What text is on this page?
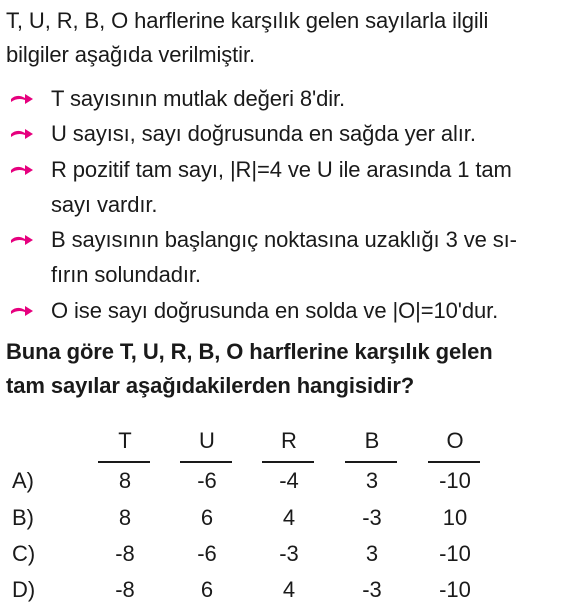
T, U, R, B, O harflerine karşılık gelen sayılarla ilgili
bilgiler aşağıda verilmiştir.
T sayısının mutlak değeri 8'dir.
U sayısı, sayı doğrusunda en sağda yer alır.
R pozitif tam sayı, |R|=4 ve U ile arasında 1 tam
sayı vardır.
B sayısının başlangıç noktasına uzaklığı 3 ve sı-
fırın solundadır.
O ise sayı doğrusunda en solda ve |O|=10'dur.
Buna göre T, U, R, B, O harflerine karşılık gelen
tam sayılar aşağıdakilerden hangisidir?
T	U	R	B	O
A)	8	-6	-4	3	-10
B)	8	6	4	-3	10
C)	-8	-6	-3	3	-10
D)	-8	6	4	-3	-10
